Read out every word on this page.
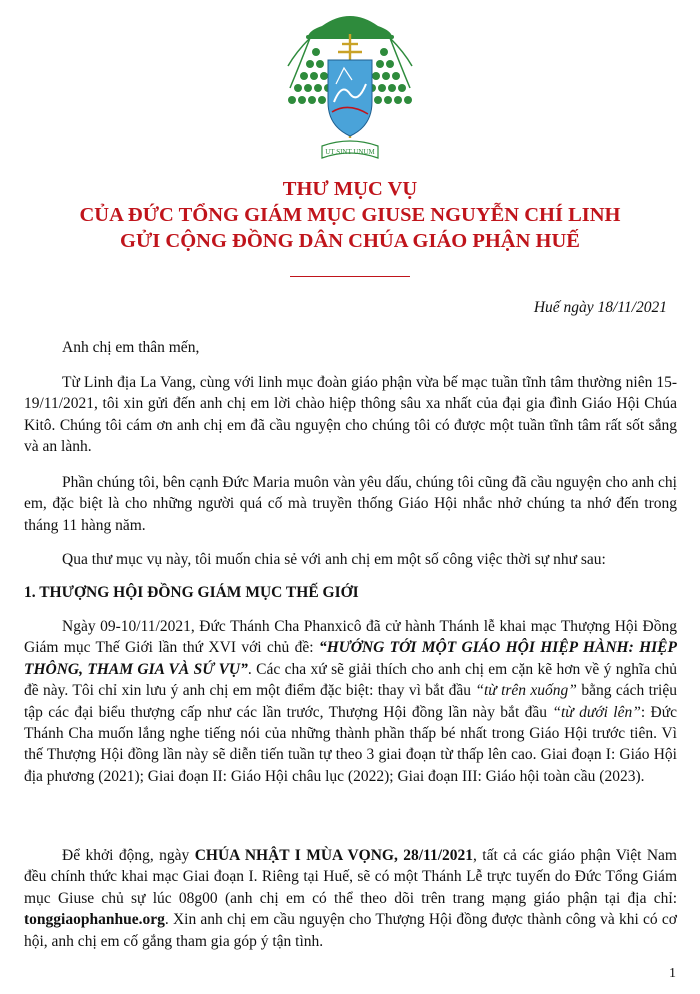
UT SINT UNUM
THƯ MỤC VỤ
CỦA ĐỨC TỔNG GIÁM MỤC GIUSE NGUYỄN CHÍ LINH
GỬI CỘNG ĐỒNG DÂN CHÚA GIÁO PHẬN HUẾ
Huế ngày 18/11/2021

Anh chị em thân mến,

Từ Linh địa La Vang, cùng với linh mục đoàn giáo phận vừa bế mạc tuần tĩnh tâm thường niên 15-19/11/2021, tôi xin gửi đến anh chị em lời chào hiệp thông sâu xa nhất của đại gia đình Giáo Hội Chúa Kitô. Chúng tôi cám ơn anh chị em đã cầu nguyện cho chúng tôi có được một tuần tĩnh tâm rất sốt sắng và an lành.

Phần chúng tôi, bên cạnh Đức Maria muôn vàn yêu dấu, chúng tôi cũng đã cầu nguyện cho anh chị em, đặc biệt là cho những người quá cố mà truyền thống Giáo Hội nhắc nhở chúng ta nhớ đến trong tháng 11 hàng năm.

Qua thư mục vụ này, tôi muốn chia sẻ với anh chị em một số công việc thời sự như sau:

1. THƯỢNG HỘI ĐỒNG GIÁM MỤC THẾ GIỚI

Ngày 09-10/11/2021, Đức Thánh Cha Phanxicô đã cử hành Thánh lễ khai mạc Thượng Hội Đồng Giám mục Thế Giới lần thứ XVI với chủ đề: “HƯỚNG TỚI MỘT GIÁO HỘI HIỆP HÀNH: HIỆP THÔNG, THAM GIA VÀ SỨ VỤ”. Các cha xứ sẽ giải thích cho anh chị em cặn kẽ hơn về ý nghĩa chủ đề này. Tôi chỉ xin lưu ý anh chị em một điểm đặc biệt: thay vì bắt đầu “từ trên xuống” bằng cách triệu tập các đại biểu thượng cấp như các lần trước, Thượng Hội đồng lần này bắt đầu “từ dưới lên”: Đức Thánh Cha muốn lắng nghe tiếng nói của những thành phần thấp bé nhất trong Giáo Hội trước tiên. Vì thế Thượng Hội đồng lần này sẽ diễn tiến tuần tự theo 3 giai đoạn từ thấp lên cao. Giai đoạn I: Giáo Hội địa phương (2021); Giai đoạn II: Giáo Hội châu lục (2022); Giai đoạn III: Giáo hội toàn cầu (2023).

Để khởi động, ngày CHÚA NHẬT I MÙA VỌNG, 28/11/2021, tất cả các giáo phận Việt Nam đều chính thức khai mạc Giai đoạn I. Riêng tại Huế, sẽ có một Thánh Lễ trực tuyến do Đức Tổng Giám mục Giuse chủ sự lúc 08g00 (anh chị em có thể theo dõi trên trang mạng giáo phận tại địa chỉ: tonggiaophanhue.org. Xin anh chị em cầu nguyện cho Thượng Hội đồng được thành công và khi có cơ hội, anh chị em cố gắng tham gia góp ý tận tình.

1
